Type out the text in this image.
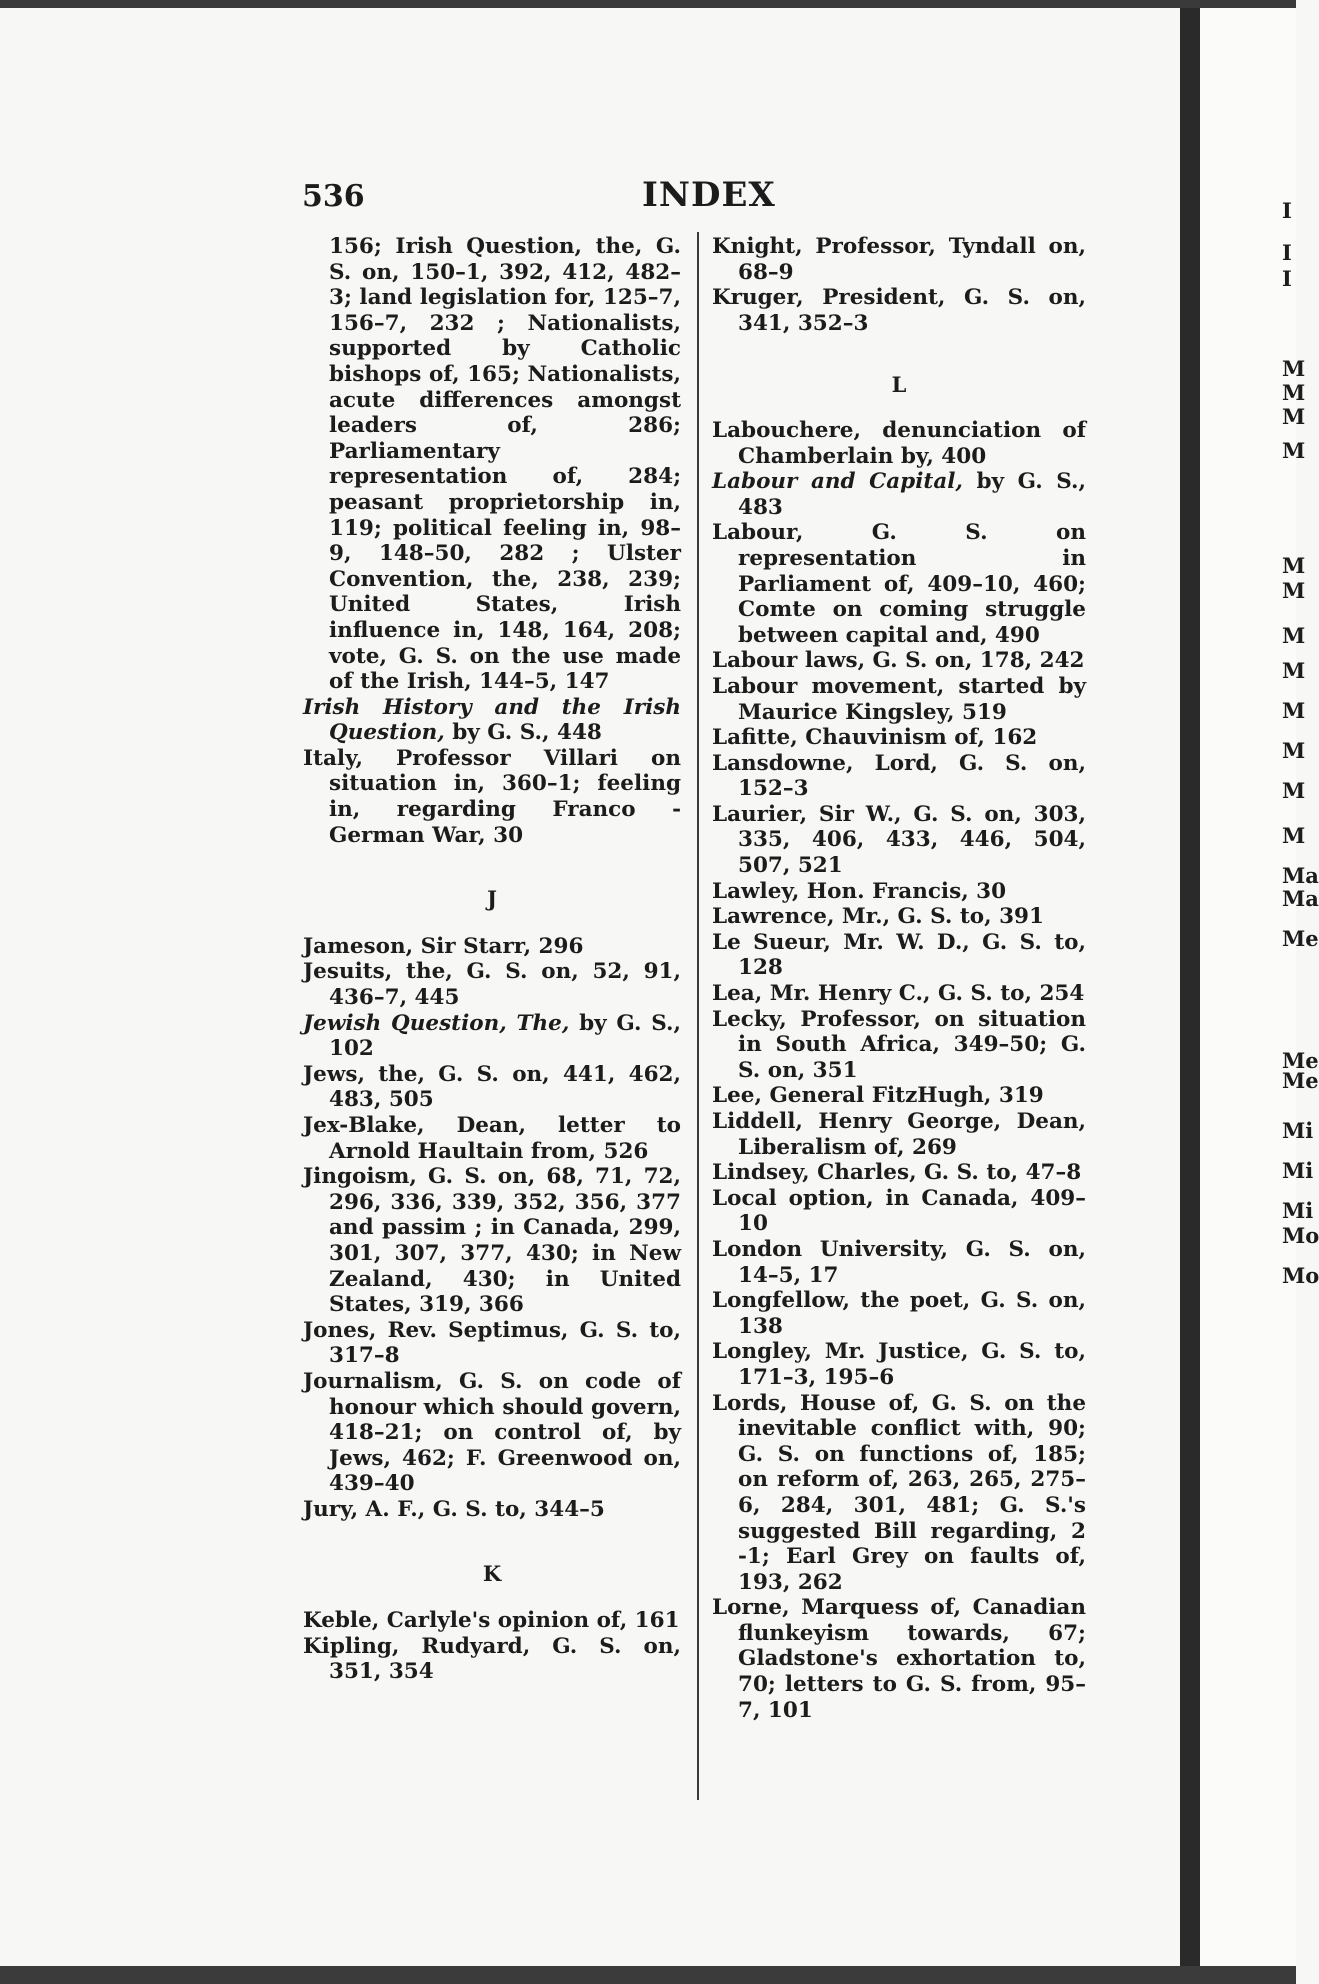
I
I
I
M
M
M
M
M
M
M
M
M
M
M
M
Ma
Ma
Me
Me
Me
Mi
Mi
Mi
Mo
Mo
536	INDEX

156; Irish Question, the, G. S. on, 150–1, 392, 412, 482–3; land legislation for, 125–7, 156–7, 232 ; Nationalists, supported by Catholic bishops of, 165; Nationalists, acute differences amongst leaders of, 286; Parliamentary representation of, 284; peasant proprietorship in, 119; political feeling in, 98–9, 148–50, 282 ; Ulster Convention, the, 238, 239; United States, Irish influence in, 148, 164, 208; vote, G. S. on the use made of the Irish, 144–5, 147

Irish History and the Irish Question, by G. S., 448

Italy, Professor Villari on situation in, 360–1; feeling in, regarding Franco - German War, 30

J

Jameson, Sir Starr, 296

Jesuits, the, G. S. on, 52, 91, 436–7, 445

Jewish Question, The, by G. S., 102

Jews, the, G. S. on, 441, 462, 483, 505

Jex-Blake, Dean, letter to Arnold Haultain from, 526

Jingoism, G. S. on, 68, 71, 72, 296, 336, 339, 352, 356, 377 and passim ; in Canada, 299, 301, 307, 377, 430; in New Zealand, 430; in United States, 319, 366

Jones, Rev. Septimus, G. S. to, 317–8

Journalism, G. S. on code of honour which should govern, 418–21; on control of, by Jews, 462; F. Greenwood on, 439–40

Jury, A. F., G. S. to, 344–5

K

Keble, Carlyle's opinion of, 161

Kipling, Rudyard, G. S. on, 351, 354

Knight, Professor, Tyndall on, 68–9

Kruger, President, G. S. on, 341, 352–3

L

Labouchere, denunciation of Chamberlain by, 400

Labour and Capital, by G. S., 483

Labour, G. S. on representation in Parliament of, 409–10, 460; Comte on coming struggle between capital and, 490

Labour laws, G. S. on, 178, 242

Labour movement, started by Maurice Kingsley, 519

Lafitte, Chauvinism of, 162

Lansdowne, Lord, G. S. on, 152–3

Laurier, Sir W., G. S. on, 303, 335, 406, 433, 446, 504, 507, 521

Lawley, Hon. Francis, 30

Lawrence, Mr., G. S. to, 391

Le Sueur, Mr. W. D., G. S. to, 128

Lea, Mr. Henry C., G. S. to, 254

Lecky, Professor, on situation in South Africa, 349–50; G. S. on, 351

Lee, General FitzHugh, 319

Liddell, Henry George, Dean, Liberalism of, 269

Lindsey, Charles, G. S. to, 47–8

Local option, in Canada, 409–10

London University, G. S. on, 14–5, 17

Longfellow, the poet, G. S. on, 138

Longley, Mr. Justice, G. S. to, 171–3, 195–6

Lords, House of, G. S. on the inevitable conflict with, 90; G. S. on functions of, 185; on reform of, 263, 265, 275–6, 284, 301, 481; G. S.'s suggested Bill regarding, 2 -1; Earl Grey on faults of, 193, 262

Lorne, Marquess of, Canadian flunkeyism towards, 67; Gladstone's exhortation to, 70; letters to G. S. from, 95–7, 101
